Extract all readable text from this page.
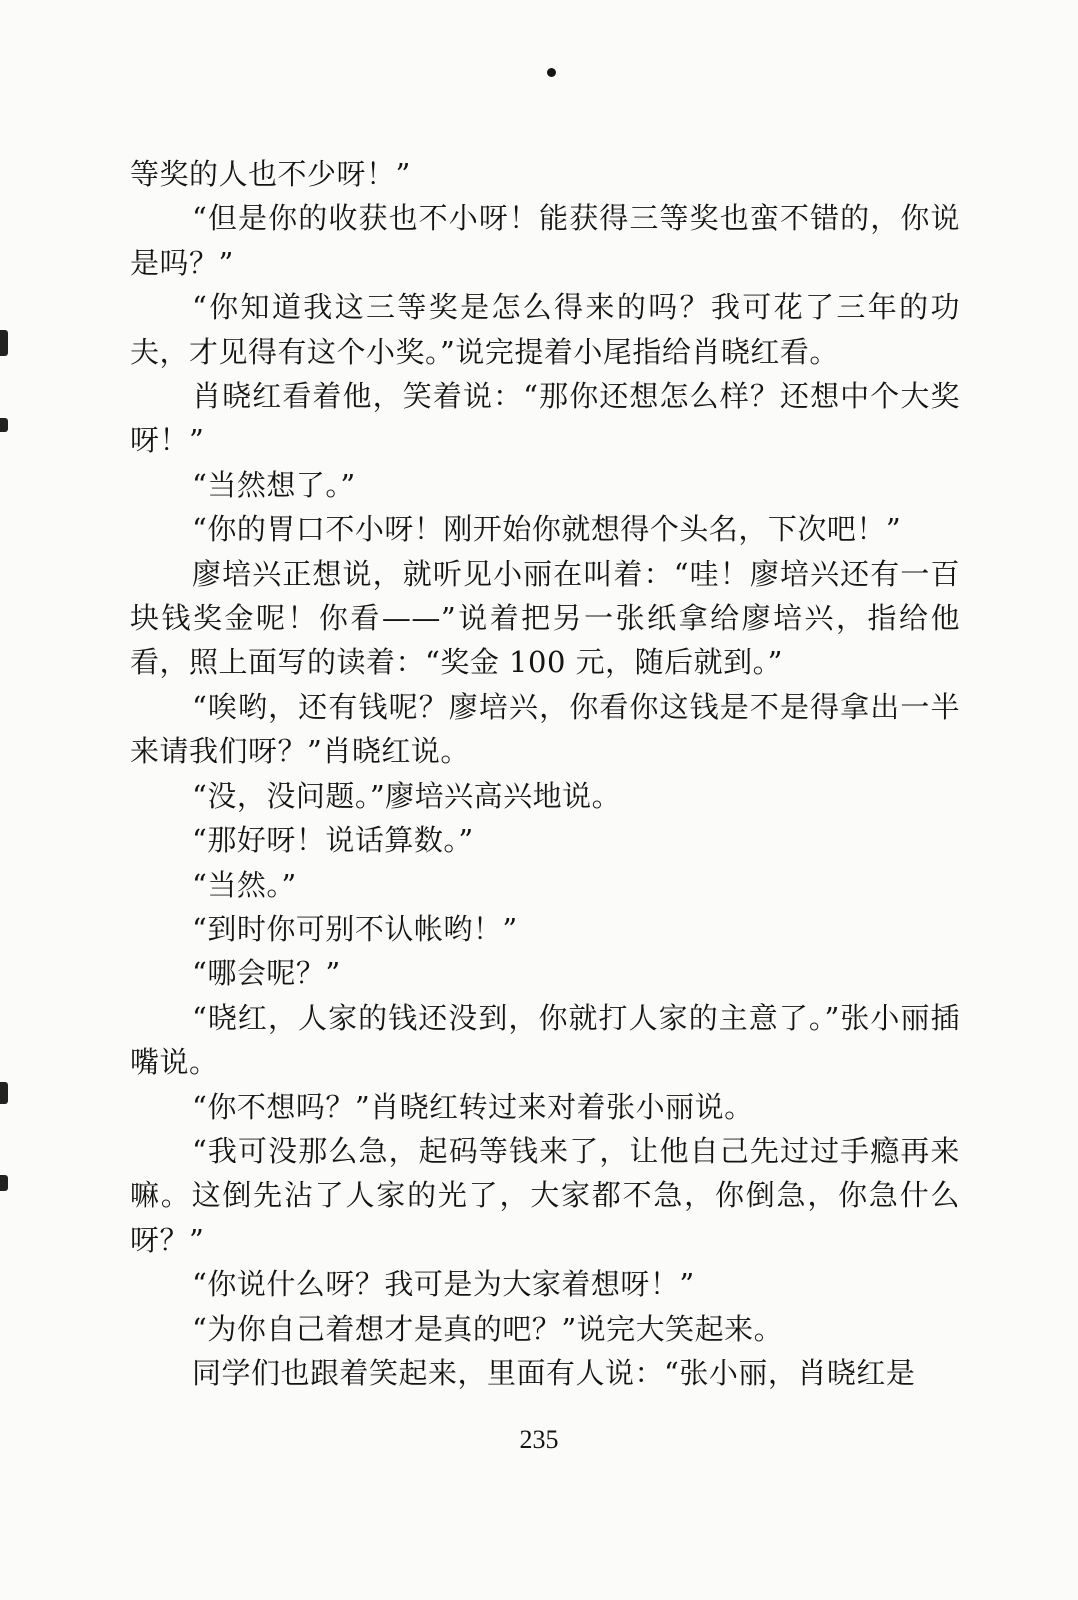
等奖的人也不少呀！”

“但是你的收获也不小呀！能获得三等奖也蛮不错的，你说是吗？”

“你知道我这三等奖是怎么得来的吗？我可花了三年的功夫，才见得有这个小奖。”说完提着小尾指给肖晓红看。

肖晓红看着他，笑着说：“那你还想怎么样？还想中个大奖呀！”

“当然想了。”

“你的胃口不小呀！刚开始你就想得个头名，下次吧！”

廖培兴正想说，就听见小丽在叫着：“哇！廖培兴还有一百块钱奖金呢！你看——”说着把另一张纸拿给廖培兴，指给他看，照上面写的读着：“奖金 100 元，随后就到。”

“唉哟，还有钱呢？廖培兴，你看你这钱是不是得拿出一半来请我们呀？”肖晓红说。

“没，没问题。”廖培兴高兴地说。

“那好呀！说话算数。”

“当然。”

“到时你可别不认帐哟！”

“哪会呢？”

“晓红，人家的钱还没到，你就打人家的主意了。”张小丽插嘴说。

“你不想吗？”肖晓红转过来对着张小丽说。

“我可没那么急，起码等钱来了，让他自己先过过手瘾再来嘛。这倒先沾了人家的光了，大家都不急，你倒急，你急什么呀？”

“你说什么呀？我可是为大家着想呀！”

“为你自己着想才是真的吧？”说完大笑起来。

同学们也跟着笑起来，里面有人说：“张小丽，肖晓红是

235
